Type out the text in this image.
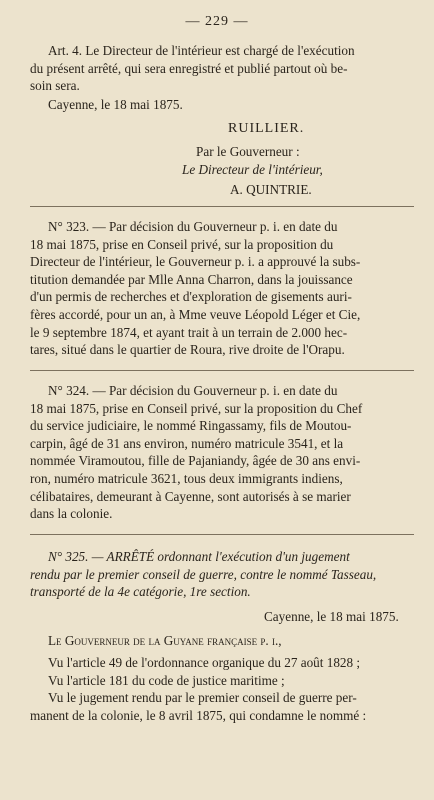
— 229 —
Art. 4. Le Directeur de l'intérieur est chargé de l'exécution
du présent arrêté, qui sera enregistré et publié partout où be-
soin sera.
Cayenne, le 18 mai 1875.
RUILLIER.
Par le Gouverneur :
Le Directeur de l'intérieur,
A. QUINTRIE.
N° 323. — Par décision du Gouverneur p. i. en date du
18 mai 1875, prise en Conseil privé, sur la proposition du
Directeur de l'intérieur, le Gouverneur p. i. a approuvé la subs-
titution demandée par Mlle Anna Charron, dans la jouissance
d'un permis de recherches et d'exploration de gisements auri-
fères accordé, pour un an, à Mme veuve Léopold Léger et Cie,
le 9 septembre 1874, et ayant trait à un terrain de 2.000 hec-
tares, situé dans le quartier de Roura, rive droite de l'Orapu.
N° 324. — Par décision du Gouverneur p. i. en date du
18 mai 1875, prise en Conseil privé, sur la proposition du Chef
du service judiciaire, le nommé Ringassamy, fils de Moutou-
carpin, âgé de 31 ans environ, numéro matricule 3541, et la
nommée Viramoutou, fille de Pajaniandy, âgée de 30 ans envi-
ron, numéro matricule 3621, tous deux immigrants indiens,
célibataires, demeurant à Cayenne, sont autorisés à se marier
dans la colonie.
N° 325. — ARRÊTÉ ordonnant l'exécution d'un jugement
rendu par le premier conseil de guerre, contre le nommé Tasseau,
transporté de la 4e catégorie, 1re section.
Cayenne, le 18 mai 1875.
Le Gouverneur de la Guyane française p. i.,
Vu l'article 49 de l'ordonnance organique du 27 août 1828 ;
Vu l'article 181 du code de justice maritime ;
Vu le jugement rendu par le premier conseil de guerre per-
manent de la colonie, le 8 avril 1875, qui condamne le nommé :
